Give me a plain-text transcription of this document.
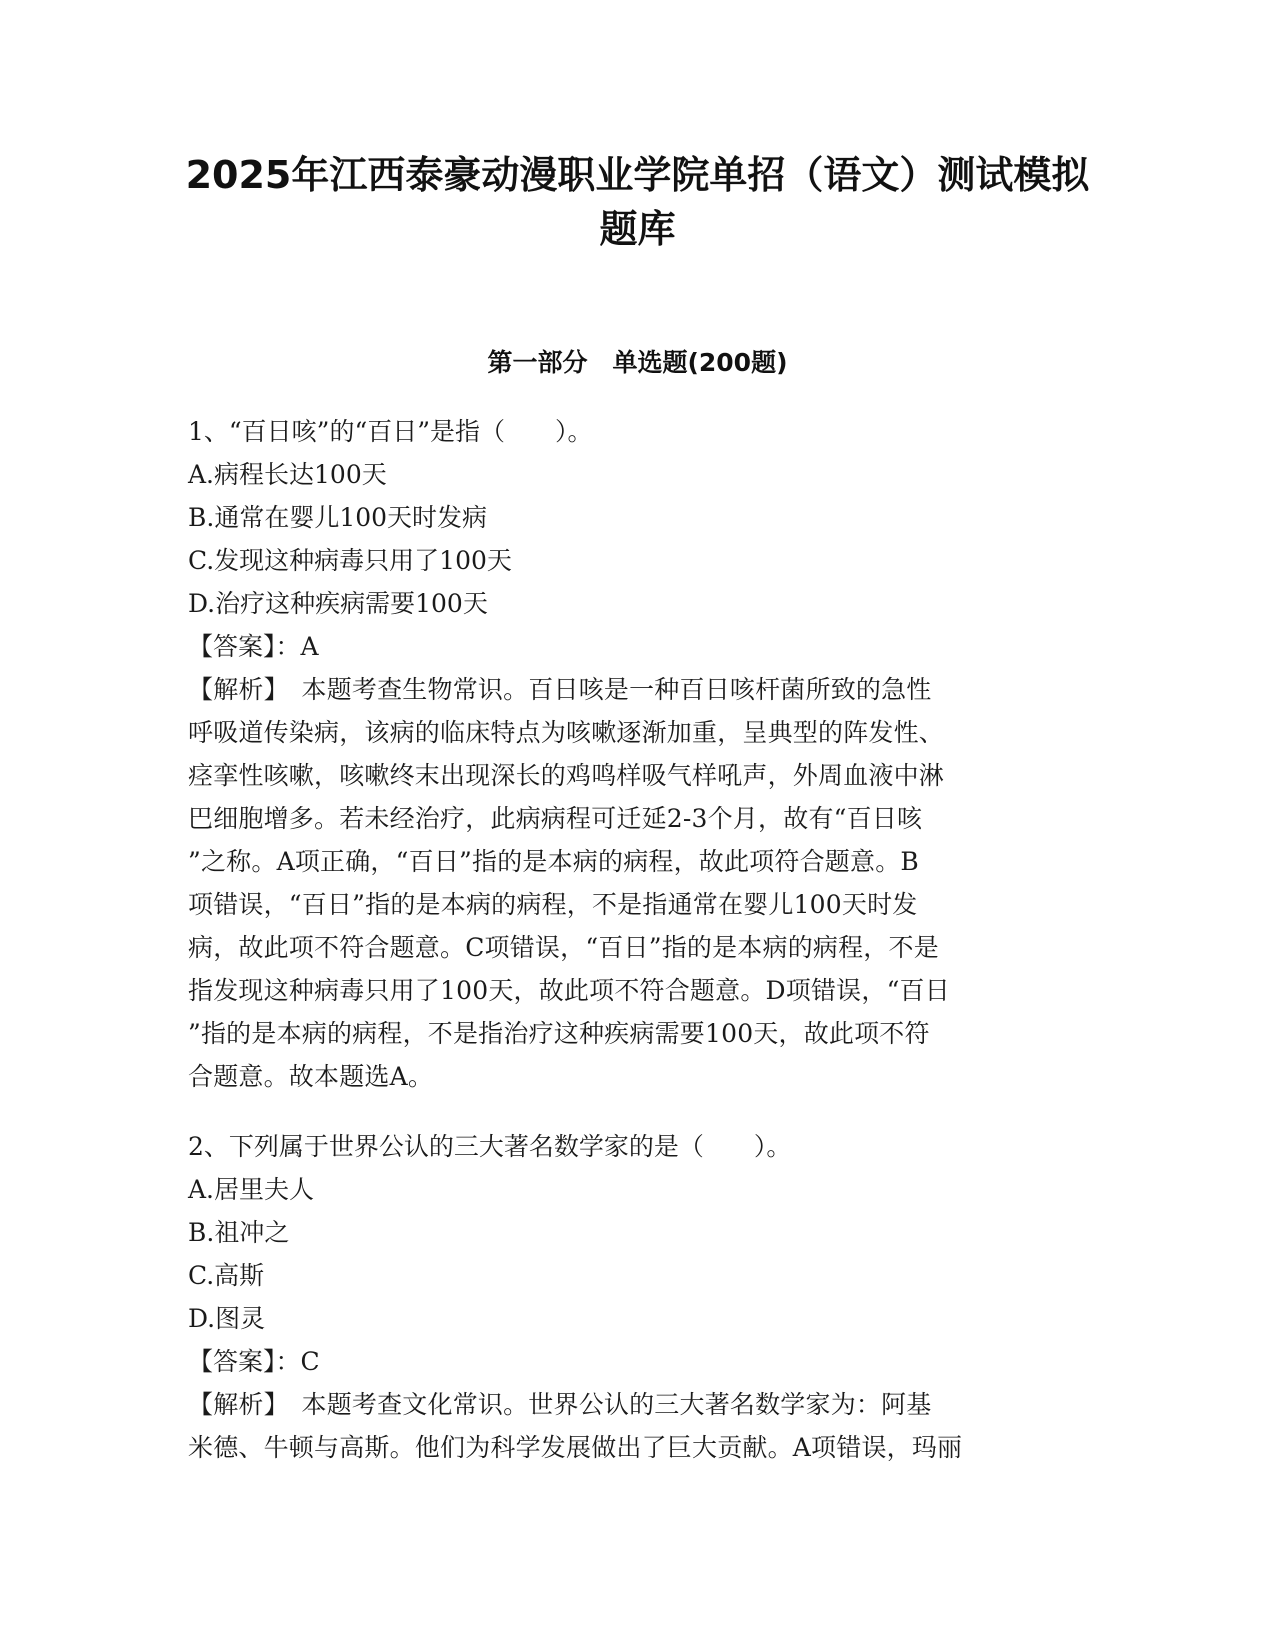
2025年江西泰豪动漫职业学院单招（语文）测试模拟
题库
第一部分　单选题(200题)
1、“百日咳”的“百日”是指（　　）。
A.病程长达100天
B.通常在婴儿100天时发病
C.发现这种病毒只用了100天
D.治疗这种疾病需要100天
【答案】：A
【解析】　本题考查生物常识。百日咳是一种百日咳杆菌所致的急性
呼吸道传染病，该病的临床特点为咳嗽逐渐加重，呈典型的阵发性、
痉挛性咳嗽，咳嗽终末出现深长的鸡鸣样吸气样吼声，外周血液中淋
巴细胞增多。若未经治疗，此病病程可迁延2-3个月，故有“百日咳
”之称。A项正确，“百日”指的是本病的病程，故此项符合题意。B
项错误，“百日”指的是本病的病程，不是指通常在婴儿100天时发
病，故此项不符合题意。C项错误，“百日”指的是本病的病程，不是
指发现这种病毒只用了100天，故此项不符合题意。D项错误，“百日
”指的是本病的病程，不是指治疗这种疾病需要100天，故此项不符
合题意。故本题选A。
2、下列属于世界公认的三大著名数学家的是（　　）。
A.居里夫人
B.祖冲之
C.高斯
D.图灵
【答案】：C
【解析】　本题考查文化常识。世界公认的三大著名数学家为：阿基
米德、牛顿与高斯。他们为科学发展做出了巨大贡献。A项错误，玛丽
